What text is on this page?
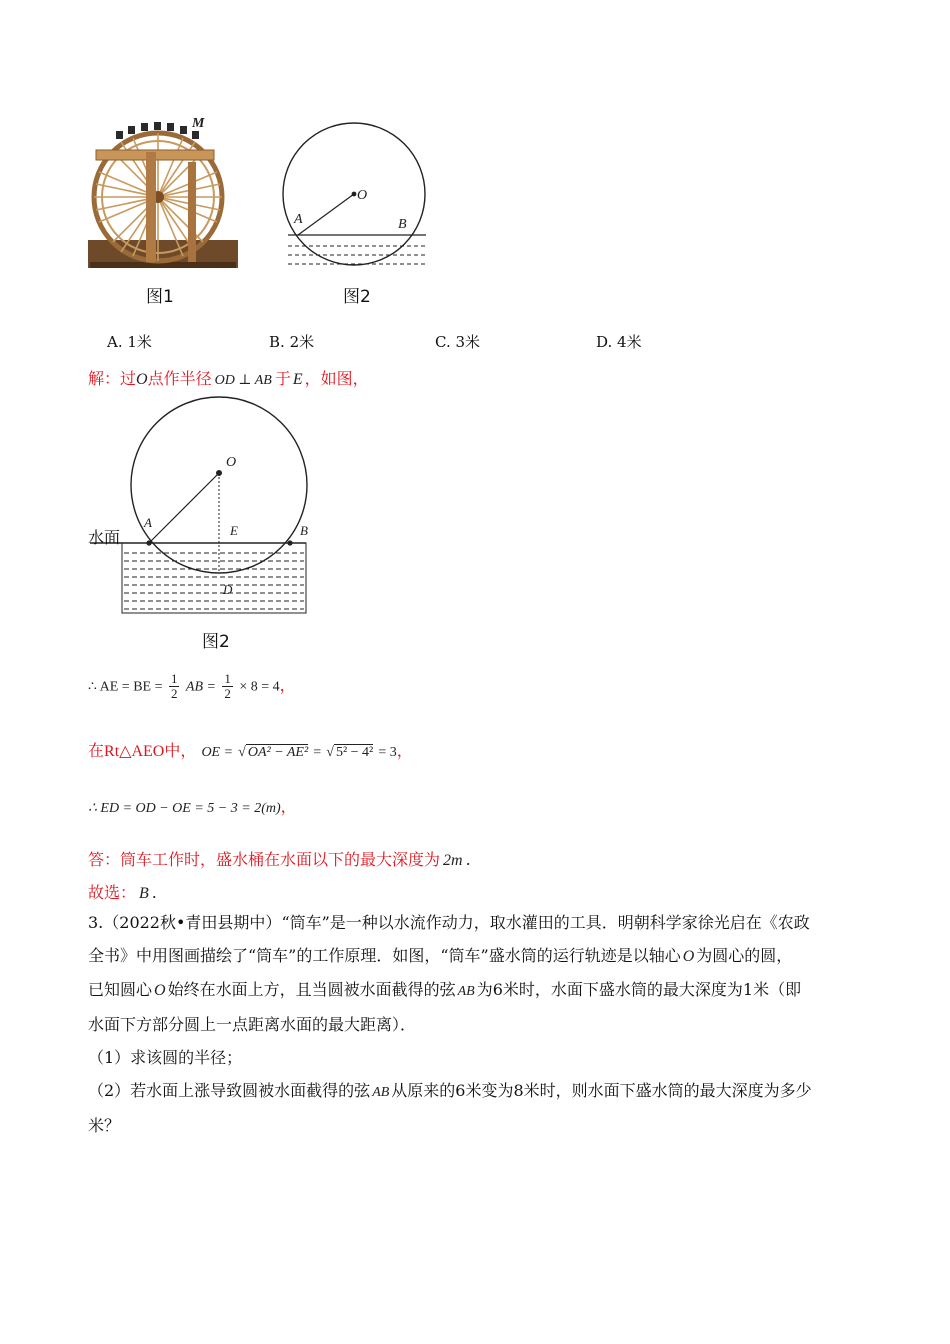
M
图1
O
A	B
图2
A. 1米	B. 2米	C. 3米	D. 4米
解：过O点作半径 OD ⊥ AB 于 E ，如图，
水面
O
A
E	B
D
图2
∴ AE = BE = $\frac{1}{2}$ AB = $\frac{1}{2} \times 8 = 4$，
在Rt△AEO中， OE = √ OA² − AE² = √ 5² − 4² = 3，
∴ ED = OD − OE = 5 − 3 = 2(m)，
答：筒车工作时，盛水桶在水面以下的最大深度为 2m .
故选： B .
3.（2022秋•青田县期中）“筒车”是一种以水流作动力，取水灌田的工具．明朝科学家徐光启在《农政
全书》中用图画描绘了“筒车”的工作原理．如图，“筒车”盛水筒的运行轨迹是以轴心 O 为圆心的圆，
已知圆心 O 始终在水面上方，且当圆被水面截得的弦 AB 为6米时，水面下盛水筒的最大深度为1米（即
水面下方部分圆上一点距离水面的最大距离）．
（1）求该圆的半径；
（2）若水面上涨导致圆被水面截得的弦 AB 从原来的6米变为8米时，则水面下盛水筒的最大深度为多少
米？
